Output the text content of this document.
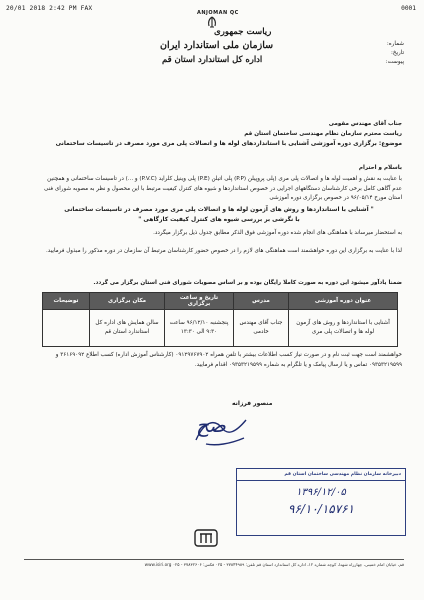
20/01 2018 2:42 PM FAX	0001
ANJOMAN QC
ریاست جمهوری
سازمان ملی استاندارد ایران
اداره کل استاندارد استان قم
شماره:
تاریخ:
پیوست:
جناب آقای مهندس مقومی
ریاست محترم سازمان نظام مهندسی ساختمان استان قم
موضوع: برگزاری دوره آموزشی آشنایی با استانداردهای لوله ها و اتصالات پلی مری مورد مصرف در تاسیسات ساختمانی
باسلام و احترام
با عنایت به نقش و اهمیت لوله ها و اتصالات پلی مری (پلی پروپیلن (P.P) پلی اتیلن (P.E) پلی وینیل کلراید (P.V.C) و ...) در تاسیسات ساختمانی و همچنین عدم آگاهی کامل برخی کارشناسان دستگاههای اجرایی در خصوص استانداردها و شیوه های کنترل کیفیت مرتبط با این محصول و نظر به مصوبه شورای فنی استان مورخ ۹۶/۰۵/۱۴ در خصوص برگزاری دوره آموزشی
" آشنایی با استانداردها و روش های آزمون لوله ها و اتصالات پلی مری مورد مصرف در تاسیسات ساختمانی
با نگرشی بر بررسی شیوه های کنترل کیفیت کارگاهی "
به استحضار میرساند با هماهنگی های انجام شده دوره آموزشی فوق الذکر مطابق جدول ذیل برگزار میگردد.
لذا با عنایت به برگزاری این دوره خواهشمند است هماهنگی های لازم را در خصوص حضور کارشناسان مرتبط آن سازمان در دوره مذکور را مبذول فرمایید.
ضمنا یادآور میشود این دوره به صورت کاملا رایگان بوده و بر اساس مصوبات شورای فنی استان برگزار می گردد.
عنوان دوره آموزشی	مدرس	تاریخ و ساعت برگزاری	مکان برگزاری	توضیحات
آشنایی با استانداردها و روش های آزمون لوله ها و اتصالات پلی مری	جناب آقای مهندس خادمی	پنجشنبه ۹۶/۱۲/۱۰ ساعت ۹:۳۰ الی ۱۳:۳۰	سالن همایش های اداره کل استاندارد استان قم	
خواهشمند است جهت ثبت نام و در صورت نیاز کسب اطلاعات بیشتر با تلفن همراه ۰۹۱۲۹۷۶۷۹۰۲ (کارشناس آموزش اداره) کسب اطلاع ۳۶۱۶۹۰۹۲ و ۰۹۳۵۳۲۱۹۵۹۹ تماس و یا ارسال پیامک و یا تلگرام به شماره ۰۹۳۵۳۲۱۹۵۹۹ اقدام فرمایید.
منصور فرزانه
صح
دبیرخانه سازمان نظام مهندسی ساختمان استان قم
۱۳۹۶/۱۲/۰۵
۹۶/۱۰/۱۵۷۶۱
قم، خیابان امام خمینی، چهارراه شهدا، کوچه شماره ۱۲، اداره کل استاندارد استان قم تلفن: ۳۷۸۴۴۹۸۹ - ۰۲۵ فکس: ۳۷۸۳۲۶۰۶ - ۰۲۵ www.isiri.org
